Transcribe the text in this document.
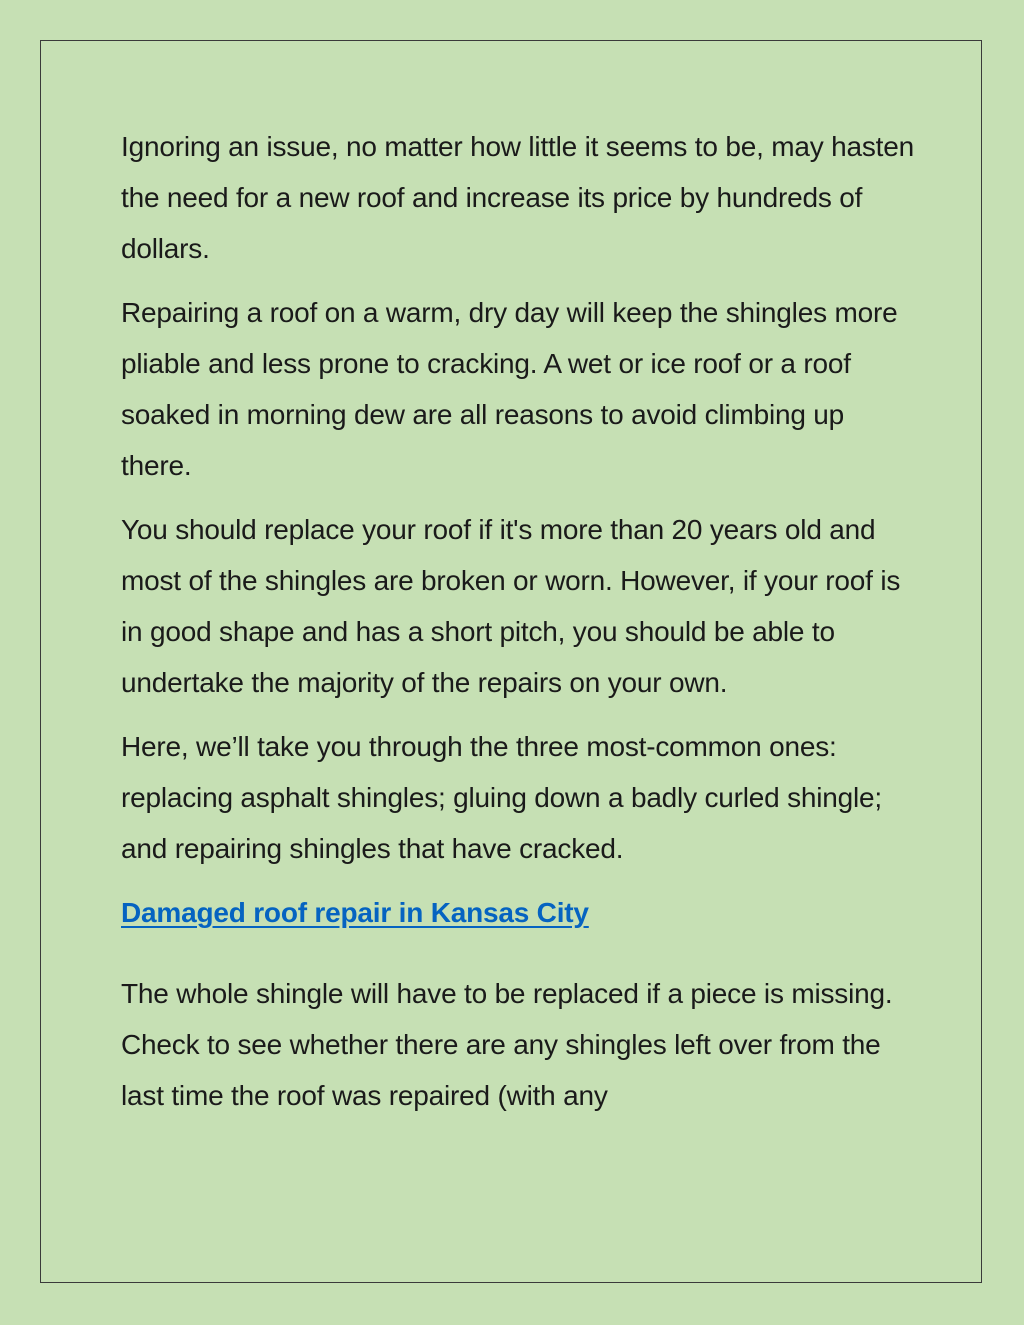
Ignoring an issue, no matter how little it seems to be, may hasten the need for a new roof and increase its price by hundreds of dollars.

Repairing a roof on a warm, dry day will keep the shingles more pliable and less prone to cracking. A wet or ice roof or a roof soaked in morning dew are all reasons to avoid climbing up there.

You should replace your roof if it's more than 20 years old and most of the shingles are broken or worn. However, if your roof is in good shape and has a short pitch, you should be able to undertake the majority of the repairs on your own.

Here, we’ll take you through the three most-common ones: replacing asphalt shingles; gluing down a badly curled shingle; and repairing shingles that have cracked.

Damaged roof repair in Kansas City

The whole shingle will have to be replaced if a piece is missing. Check to see whether there are any shingles left over from the last time the roof was repaired (with any
